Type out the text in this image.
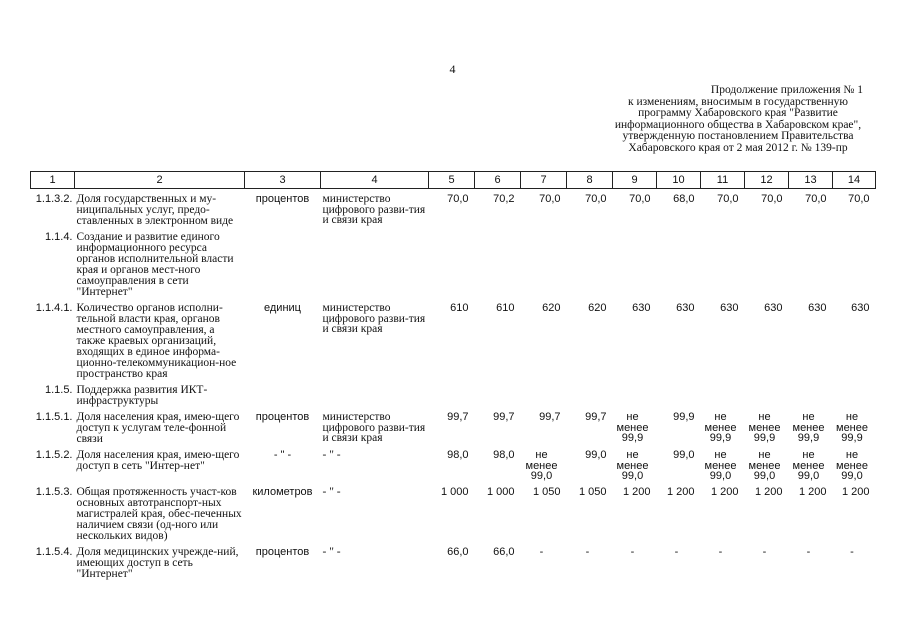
4
Продолжение приложения № 1
к изменениям, вносимым в государственную программу Хабаровского края "Развитие информационного общества в Хабаровском крае", утвержденную постановлением Правительства Хабаровского края от 2 мая 2012 г. № 139-пр
1	2	3	4	5	6	7	8	9	10	11	12	13	14
1.1.3.2.	Доля государственных и му-ниципальных услуг, предо-ставленных в электронном виде	процентов	министерство цифрового разви-тия и связи края	70,0	70,2	70,0	70,0	70,0	68,0	70,0	70,0	70,0	70,0
1.1.4.	Создание и развитие единого информационного ресурса органов исполнительной власти края и органов мест-ного самоуправления в сети "Интернет"												
1.1.4.1.	Количество органов исполни-тельной власти края, органов местного самоуправления, а также краевых организаций, входящих в единое информа-ционно-телекоммуникацион-ное пространство края	единиц	министерство цифрового разви-тия и связи края	610	610	620	620	630	630	630	630	630	630
1.1.5.	Поддержка развития ИКТ-инфраструктуры												
1.1.5.1.	Доля населения края, имею-щего доступ к услугам теле-фонной связи	процентов	министерство цифрового разви-тия и связи края	99,7	99,7	99,7	99,7	не менее 99,9	99,9	не менее 99,9	не менее 99,9	не менее 99,9	не менее 99,9
1.1.5.2.	Доля населения края, имею-щего доступ в сеть "Интер-нет"	- " -	- " -	98,0	98,0	не менее 99,0	99,0	не менее 99,0	99,0	не менее 99,0	не менее 99,0	не менее 99,0	не менее 99,0
1.1.5.3.	Общая протяженность участ-ков основных автотранспорт-ных магистралей края, обес-печенных наличием связи (од-ного или нескольких видов)	километров	- " -	1 000	1 000	1 050	1 050	1 200	1 200	1 200	1 200	1 200	1 200
1.1.5.4.	Доля медицинских учрежде-ний, имеющих доступ в сеть "Интернет"	процентов	- " -	66,0	66,0	-	-	-	-	-	-	-	-
